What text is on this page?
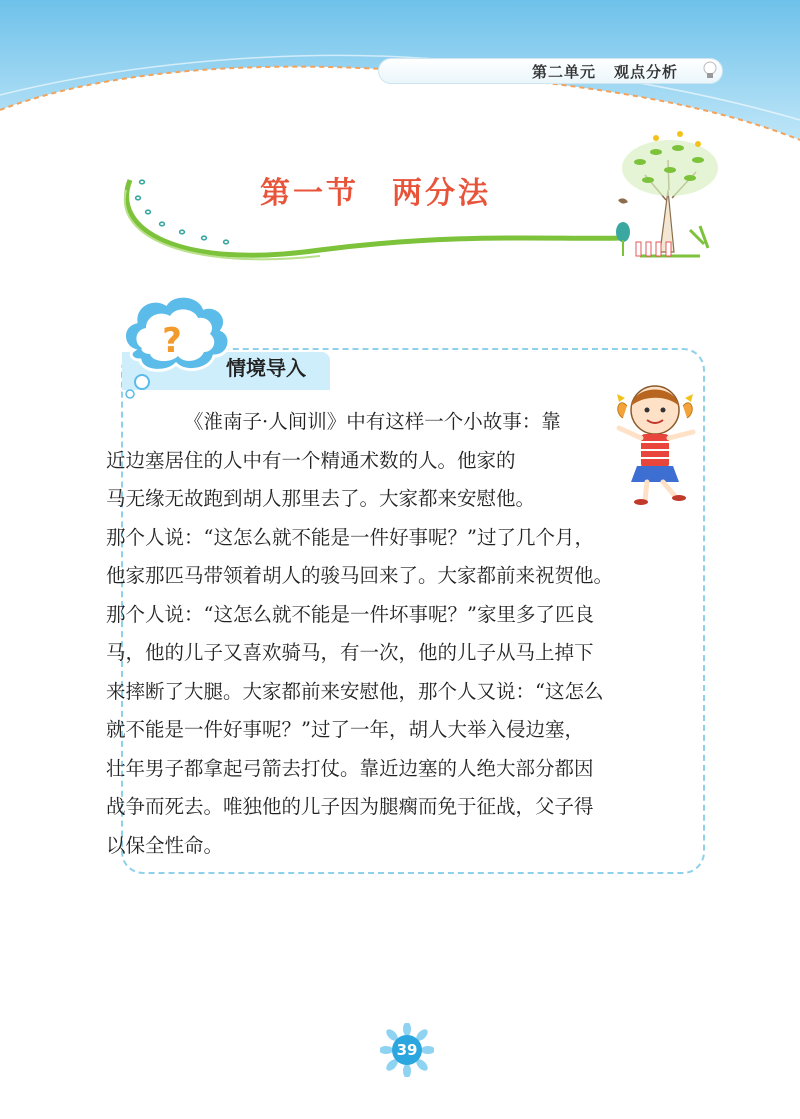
第二单元 观点分析
第一节　两分法
?
情境导入

《淮南子·人间训》中有这样一个小故事：靠
近边塞居住的人中有一个精通术数的人。他家的
马无缘无故跑到胡人那里去了。大家都来安慰他。
那个人说：“这怎么就不能是一件好事呢？”过了几个月，
他家那匹马带领着胡人的骏马回来了。大家都前来祝贺他。
那个人说：“这怎么就不能是一件坏事呢？”家里多了匹良
马，他的儿子又喜欢骑马，有一次，他的儿子从马上掉下
来摔断了大腿。大家都前来安慰他，那个人又说：“这怎么
就不能是一件好事呢？”过了一年，胡人大举入侵边塞，
壮年男子都拿起弓箭去打仗。靠近边塞的人绝大部分都因
战争而死去。唯独他的儿子因为腿瘸而免于征战，父子得
以保全性命。

39
